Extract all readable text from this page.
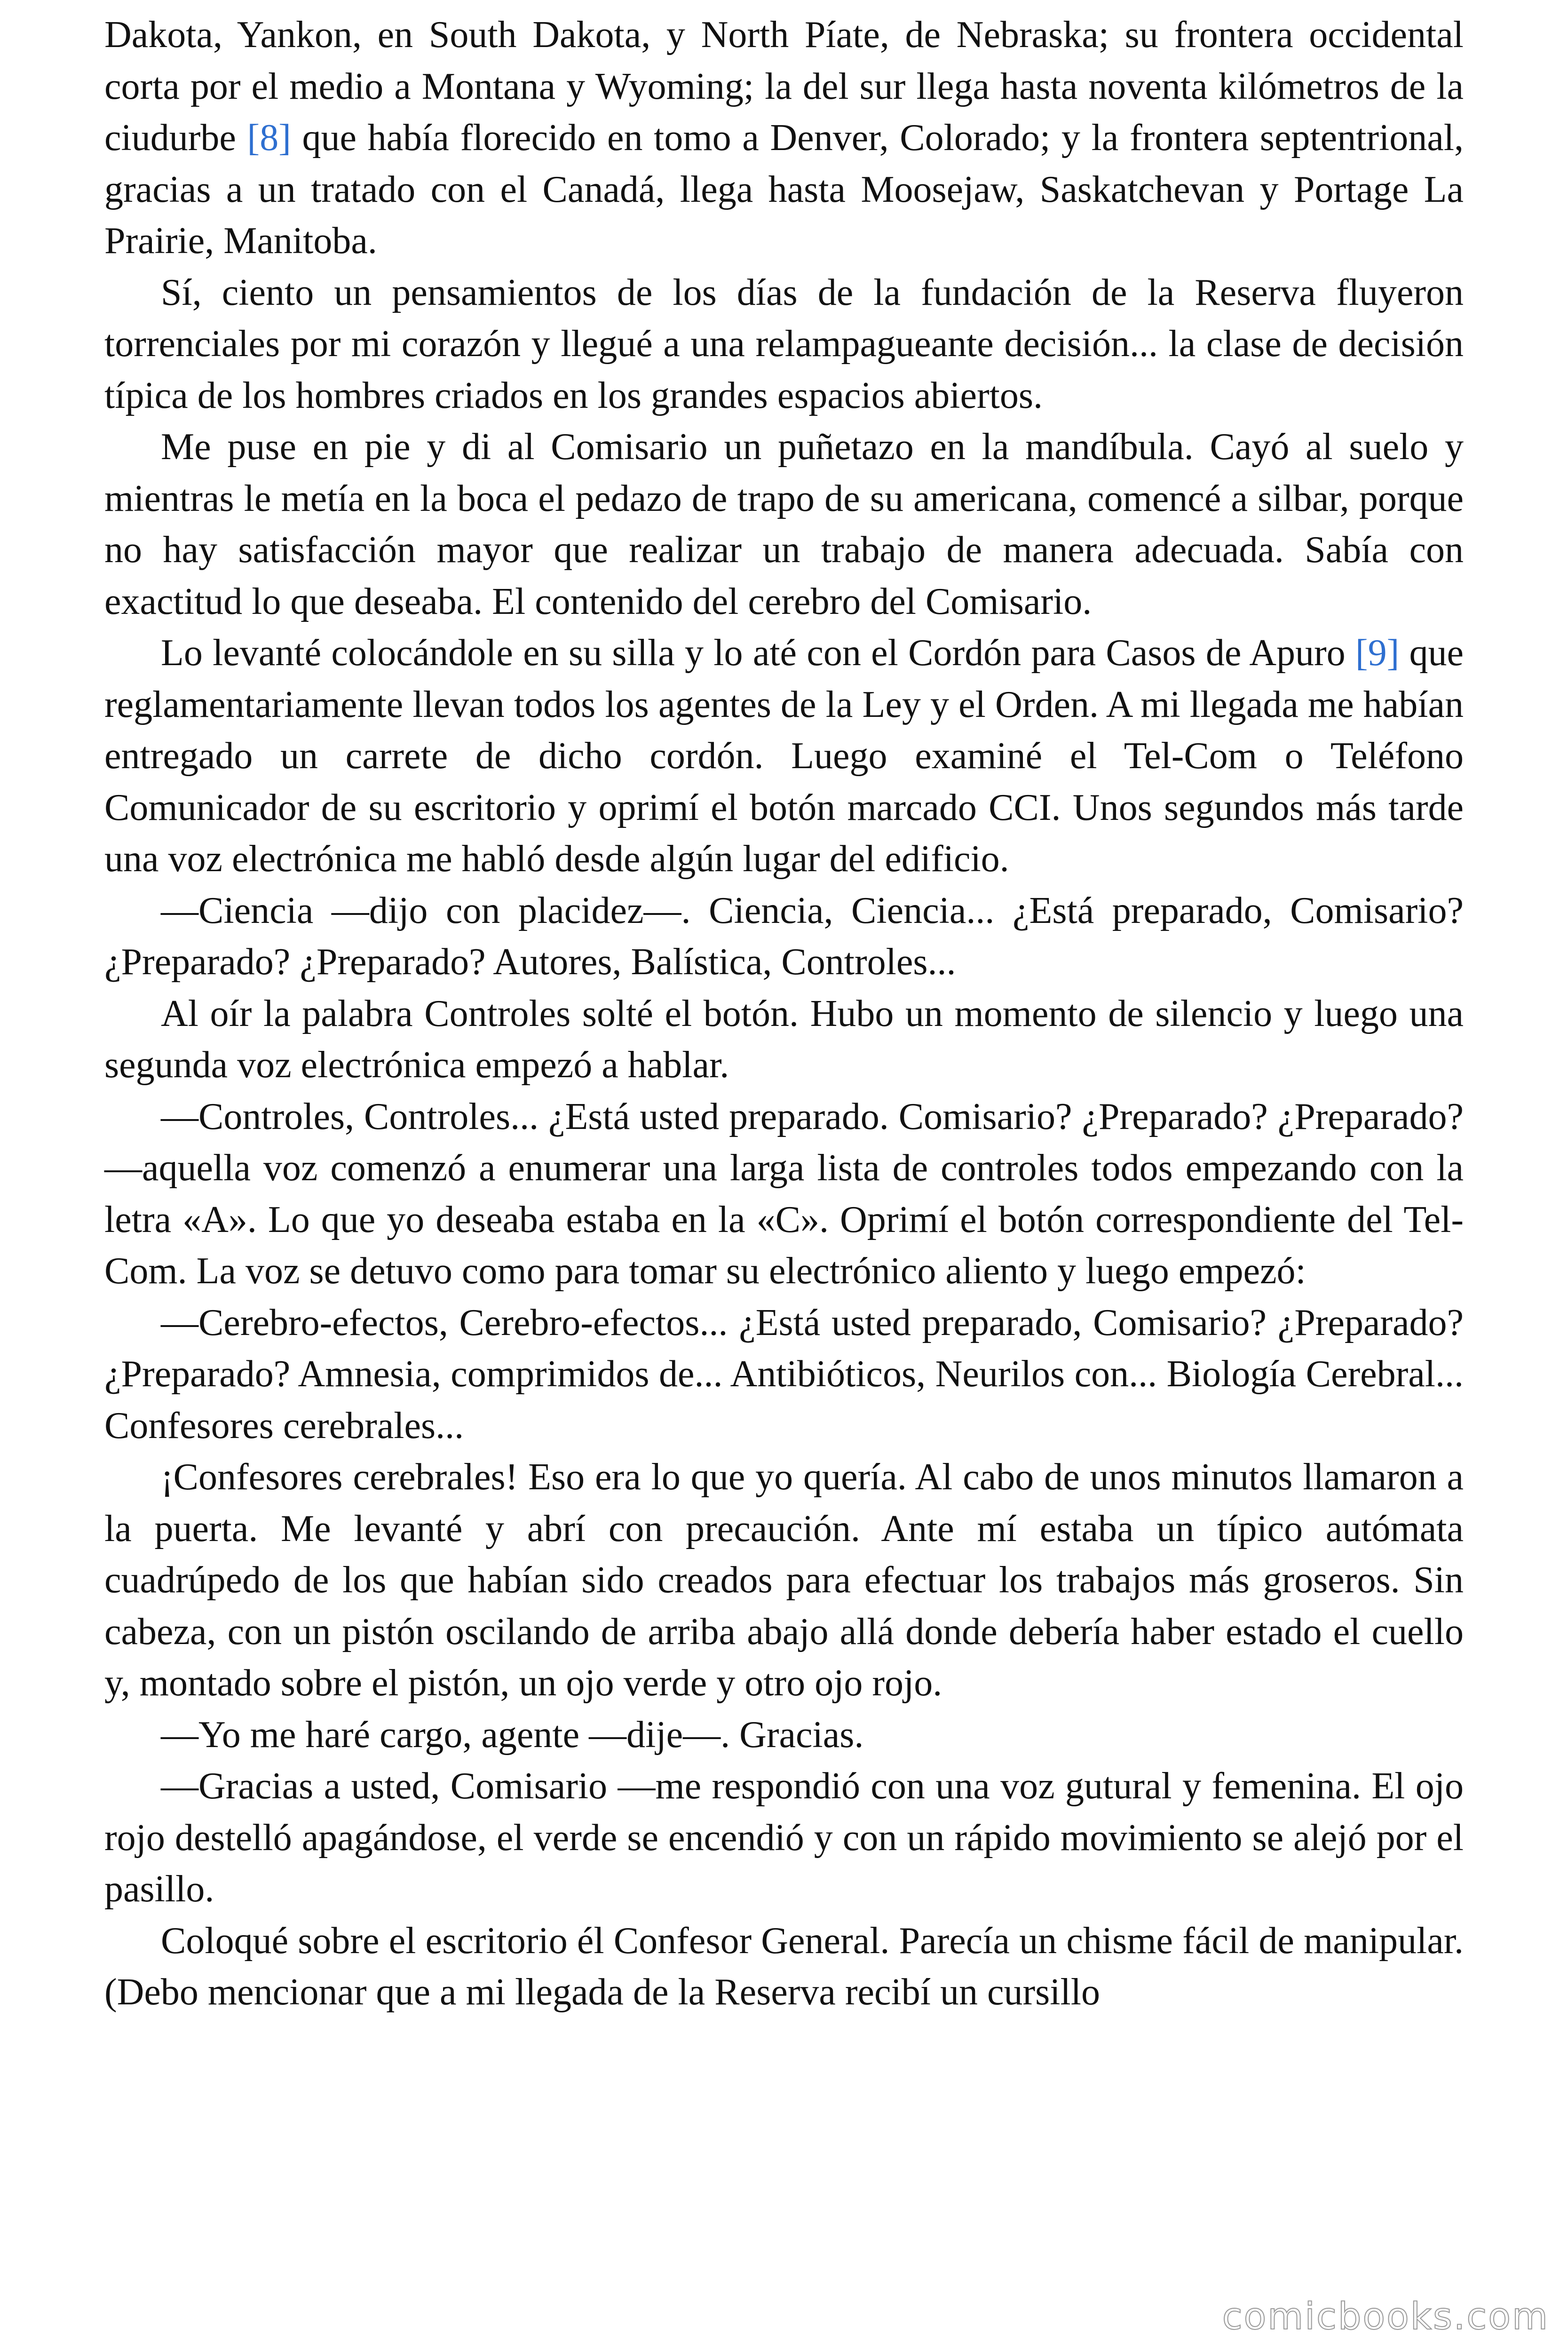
Dakota, Yankon, en South Dakota, y North Píate, de Nebraska; su frontera occidental corta por el medio a Montana y Wyoming; la del sur llega hasta noventa kilómetros de la ciudurbe [8] que había florecido en tomo a Denver, Colorado; y la frontera septentrional, gracias a un tratado con el Canadá, llega hasta Moosejaw, Saskatchevan y Portage La Prairie, Manitoba.

Sí, ciento un pensamientos de los días de la fundación de la Reserva fluyeron torrenciales por mi corazón y llegué a una relampagueante decisión... la clase de decisión típica de los hombres criados en los grandes espacios abiertos.

Me puse en pie y di al Comisario un puñetazo en la mandíbula. Cayó al suelo y mientras le metía en la boca el pedazo de trapo de su americana, comencé a silbar, porque no hay satisfacción mayor que realizar un trabajo de manera adecuada. Sabía con exactitud lo que deseaba. El contenido del cerebro del Comisario.

Lo levanté colocándole en su silla y lo até con el Cordón para Casos de Apuro [9] que reglamentariamente llevan todos los agentes de la Ley y el Orden. A mi llegada me habían entregado un carrete de dicho cordón. Luego examiné el Tel-Com o Teléfono Comunicador de su escritorio y oprimí el botón marcado CCI. Unos segundos más tarde una voz electrónica me habló desde algún lugar del edificio.

—Ciencia —dijo con placidez—. Ciencia, Ciencia... ¿Está preparado, Comisario? ¿Preparado? ¿Preparado? Autores, Balística, Controles...

Al oír la palabra Controles solté el botón. Hubo un momento de silencio y luego una segunda voz electrónica empezó a hablar.

—Controles, Controles... ¿Está usted preparado. Comisario? ¿Preparado? ¿Preparado? —aquella voz comenzó a enumerar una larga lista de controles todos empezando con la letra «A». Lo que yo deseaba estaba en la «C». Oprimí el botón correspondiente del Tel- Com. La voz se detuvo como para tomar su electrónico aliento y luego empezó:

—Cerebro-efectos, Cerebro-efectos... ¿Está usted preparado, Comisario? ¿Preparado? ¿Preparado? Amnesia, comprimidos de... Antibióticos, Neurilos con... Biología Cerebral... Confesores cerebrales...

¡Confesores cerebrales! Eso era lo que yo quería. Al cabo de unos minutos llamaron a la puerta. Me levanté y abrí con precaución. Ante mí estaba un típico autómata cuadrúpedo de los que habían sido creados para efectuar los trabajos más groseros. Sin cabeza, con un pistón oscilando de arriba abajo allá donde debería haber estado el cuello y, montado sobre el pistón, un ojo verde y otro ojo rojo.

—Yo me haré cargo, agente —dije—. Gracias.

—Gracias a usted, Comisario —me respondió con una voz gutural y femenina. El ojo rojo destelló apagándose, el verde se encendió y con un rápido movimiento se alejó por el pasillo.

Coloqué sobre el escritorio él Confesor General. Parecía un chisme fácil de manipular. (Debo mencionar que a mi llegada de la Reserva recibí un cursillo

comicbooks.com
